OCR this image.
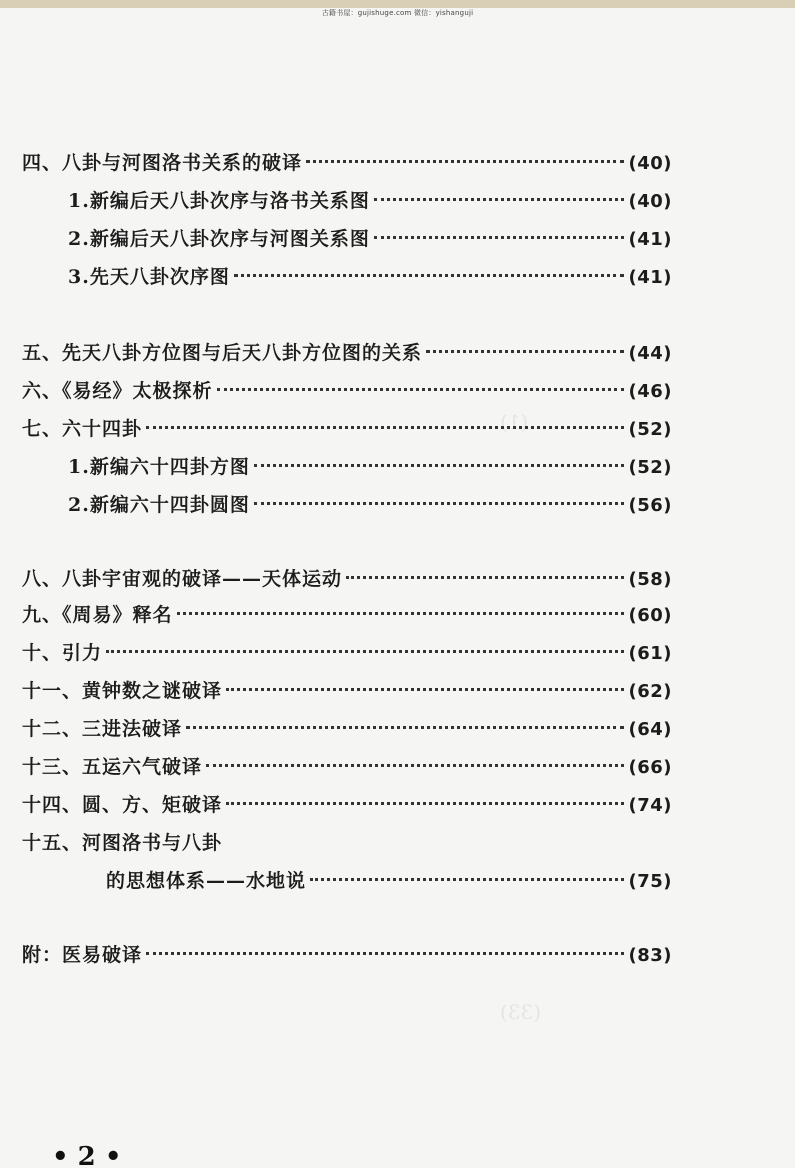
古籍书屋：gujishuge.com 微信：yishanguji
(1)
(33)
四、八卦与河图洛书关系的破译	(40)
1.新编后天八卦次序与洛书关系图	(40)
2.新编后天八卦次序与河图关系图	(41)
3.先天八卦次序图	(41)
五、先天八卦方位图与后天八卦方位图的关系	(44)
六、《易经》太极探析	(46)
七、六十四卦	(52)
1.新编六十四卦方图	(52)
2.新编六十四卦圆图	(56)
八、八卦宇宙观的破译——天体运动	(58)
九、《周易》释名	(60)
十、引力	(61)
十一、黄钟数之谜破译	(62)
十二、三进法破译	(64)
十三、五运六气破译	(66)
十四、圆、方、矩破译	(74)
十五、河图洛书与八卦
的思想体系——水地说	(75)
附：医易破译	(83)
• 2 •
